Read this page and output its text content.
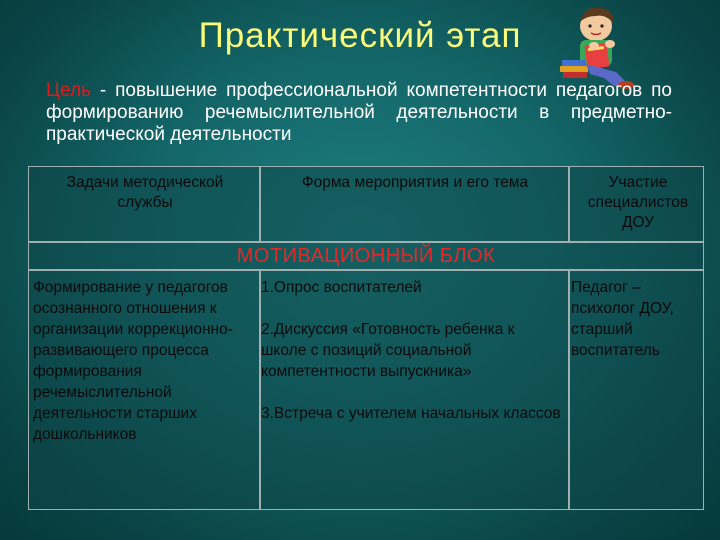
Практический этап
Цель - повышение профессиональной компетентности педагогов по формированию речемыслительной деятельности в предметно-практической деятельности
Задачи методической службы
Форма мероприятия и его тема	Участие специалистов ДОУ
МОТИВАЦИОННЫЙ БЛОК
Формирование у педагогов осознанного отношения к организации коррекционно-развивающего процесса формирования речемыслительной деятельности старших дошкольников

1.Опрос воспитателей

2.Дискуссия «Готовность ребенка к школе с позиций социальной компетентности выпускника»

3.Встреча с учителем начальных классов

Педагог – психолог ДОУ, старший воспитатель
